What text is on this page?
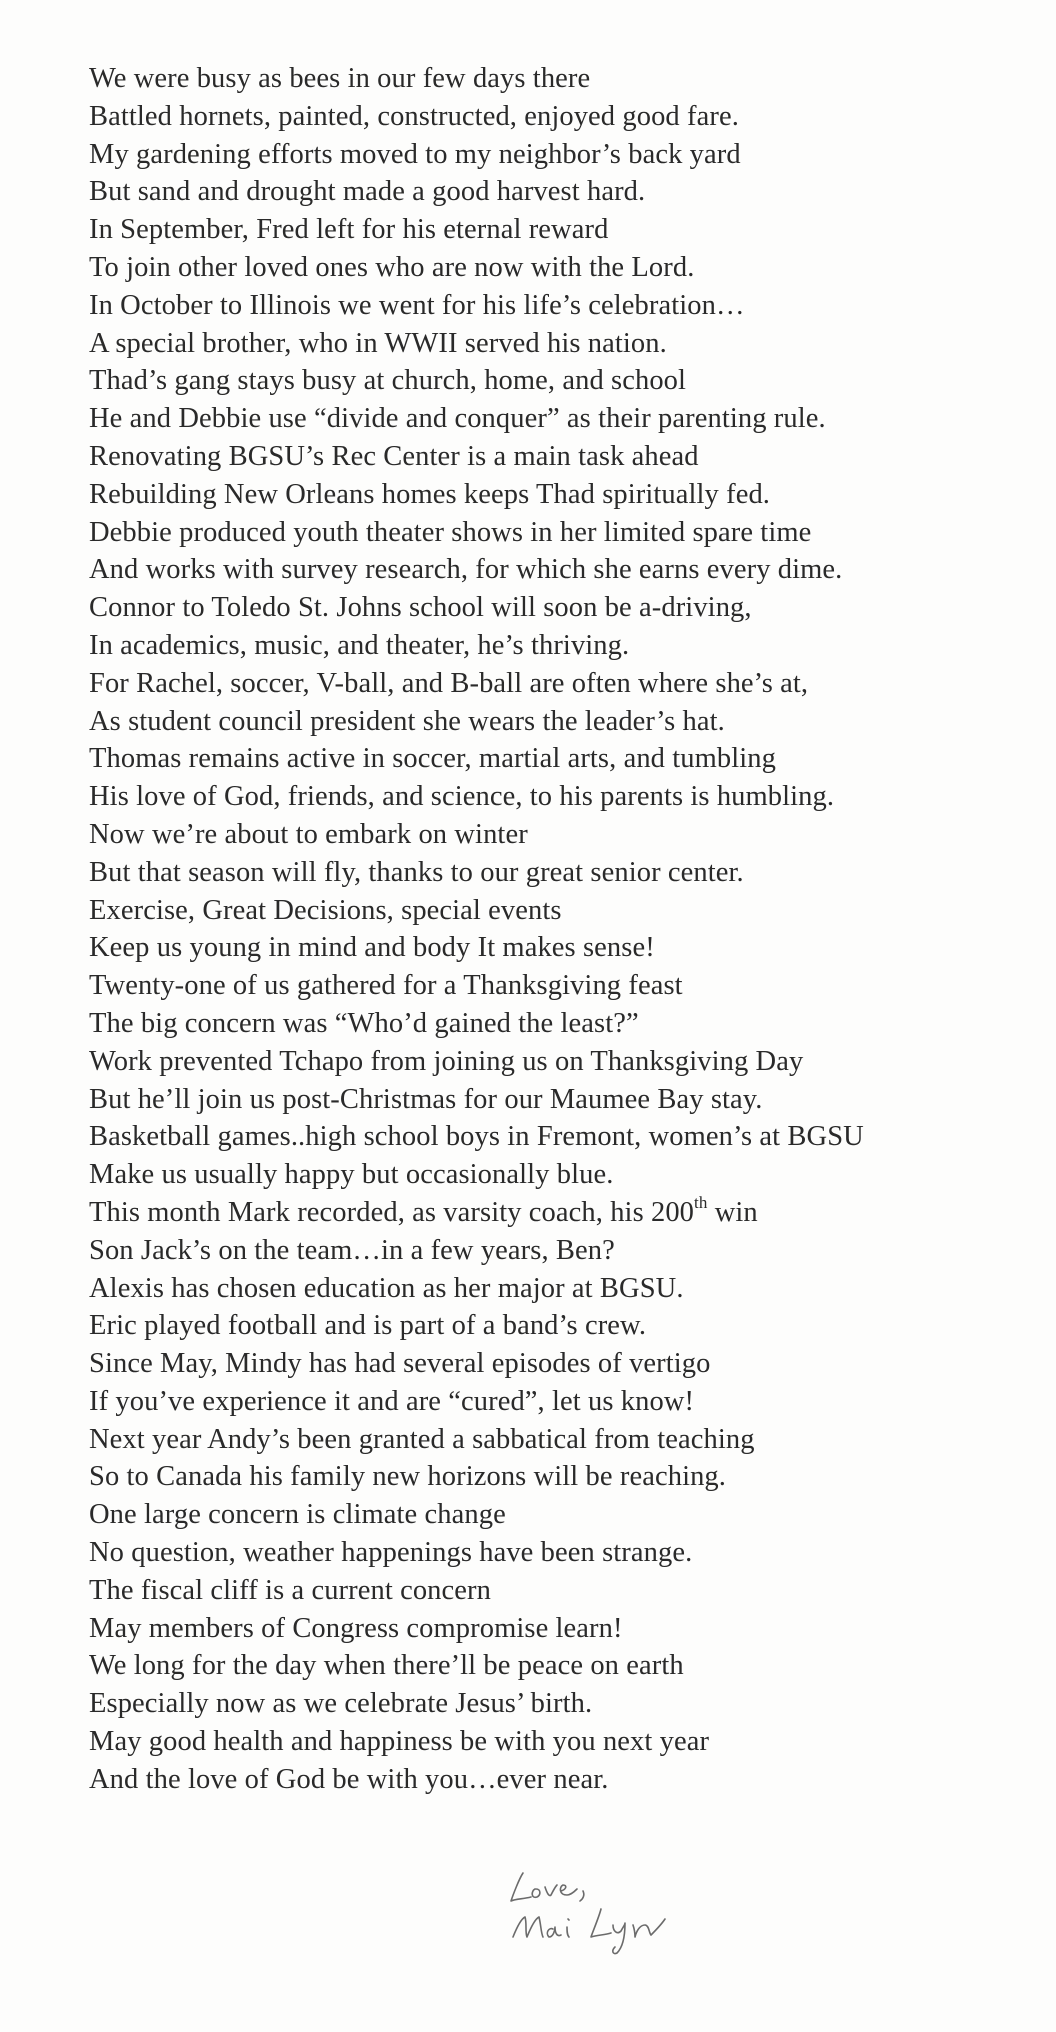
We were busy as bees in our few days there
Battled hornets, painted, constructed, enjoyed good fare.
My gardening efforts moved to my neighbor’s back yard
But sand and drought made a good harvest hard.
In September, Fred left for his eternal reward
To join other loved ones who are now with the Lord.
In October to Illinois we went for his life’s celebration…
A special brother, who in WWII served his nation.
Thad’s gang stays busy at church, home, and school
He and Debbie use “divide and conquer” as their parenting rule.
Renovating BGSU’s Rec Center is a main task ahead
Rebuilding New Orleans homes keeps Thad spiritually fed.
Debbie produced youth theater shows in her limited spare time
And works with survey research, for which she earns every dime.
Connor to Toledo St. Johns school will soon be a-driving,
In academics, music, and theater, he’s thriving.
For Rachel, soccer, V-ball, and B-ball are often where she’s at,
As student council president she wears the leader’s hat.
Thomas remains active in soccer, martial arts, and tumbling
His love of God, friends, and science, to his parents is humbling.
Now we’re about to embark on winter
But that season will fly, thanks to our great senior center.
Exercise, Great Decisions, special events
Keep us young in mind and body It makes sense!
Twenty-one of us gathered for a Thanksgiving feast
The big concern was “Who’d gained the least?”
Work prevented Tchapo from joining us on Thanksgiving Day
But he’ll join us post-Christmas for our Maumee Bay stay.
Basketball games..high school boys in Fremont, women’s at BGSU
Make us usually happy but occasionally blue.
This month Mark recorded, as varsity coach, his 200th win
Son Jack’s on the team…in a few years, Ben?
Alexis has chosen education as her major at BGSU.
Eric played football and is part of a band’s crew.
Since May, Mindy has had several episodes of vertigo
If you’ve experience it and are “cured”, let us know!
Next year Andy’s been granted a sabbatical from teaching
So to Canada his family new horizons will be reaching.
One large concern is climate change
No question, weather happenings have been strange.
The fiscal cliff is a current concern
May members of Congress compromise learn!
We long for the day when there’ll be peace on earth
Especially now as we celebrate Jesus’ birth.
May good health and happiness be with you next year
And the love of God be with you…ever near.
